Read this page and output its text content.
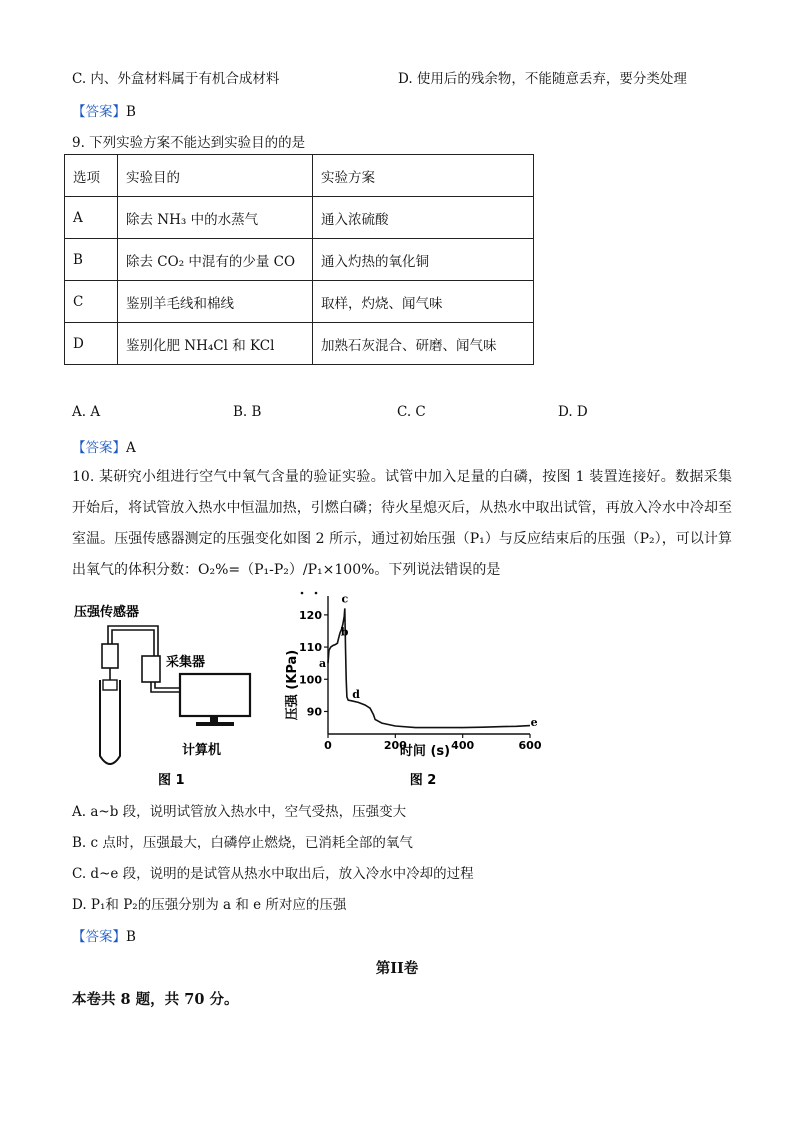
C. 内、外盒材料属于有机合成材料	D. 使用后的残余物，不能随意丢弃，要分类处理
【答案】B
9. 下列实验方案不能达到实验目的的是
选项	实验目的	实验方案
A	除去 NH₃ 中的水蒸气	通入浓硫酸
B	除去 CO₂ 中混有的少量 CO	通入灼热的氧化铜
C	鉴别羊毛线和棉线	取样，灼烧、闻气味
D	鉴别化肥 NH₄Cl 和 KCl	加熟石灰混合、研磨、闻气味
A. A	B. B	C. C	D. D
【答案】A
10. 某研究小组进行空气中氧气含量的验证实验。试管中加入足量的白磷，按图 1 装置连接好。数据采集开始后，将试管放入热水中恒温加热，引燃白磷；待火星熄灭后，从热水中取出试管，再放入冷水中冷却至室温。压强传感器测定的压强变化如图 2 所示，通过初始压强（P₁）与反应结束后的压强（P₂），可以计算出氧气的体积分数：O₂%=（P₁-P₂）/P₁×100%。下列说法错误的是
压强传感器
采集器
计算机
图 1
压强 (KPa)
时间 (s)
图 2
90
100
110
120
0	200	400	600
a
b
c
d
e
A. a~b 段，说明试管放入热水中，空气受热，压强变大
B. c 点时，压强最大，白磷停止燃烧，已消耗全部的氧气
C. d~e 段，说明的是试管从热水中取出后，放入冷水中冷却的过程
D. P₁和 P₂的压强分别为 a 和 e 所对应的压强
【答案】B
第II卷
本卷共 8 题，共 70 分。
